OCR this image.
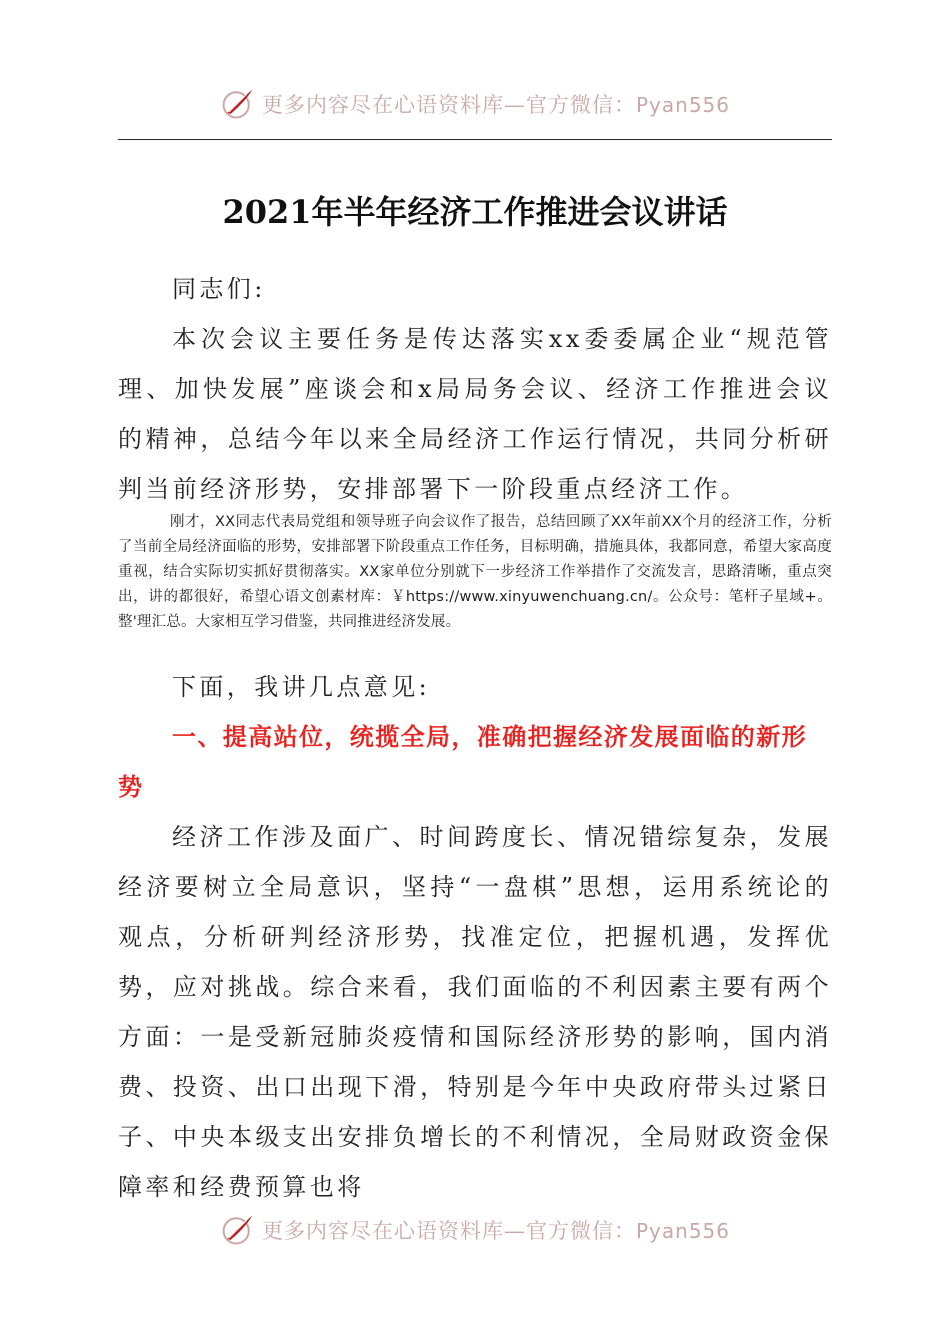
更多内容尽在心语资料库—官方微信：Pyan556
2021年半年经济工作推进会议讲话

同志们:

本次会议主要任务是传达落实xx委委属企业“规范管理、加快发展”座谈会和x局局务会议、经济工作推进会议的精神，总结今年以来全局经济工作运行情况，共同分析研判当前经济形势，安排部署下一阶段重点经济工作。

刚才，XX同志代表局党组和领导班子向会议作了报告，总结回顾了XX年前XX个月的经济工作，分析了当前全局经济面临的形势，安排部署下阶段重点工作任务，目标明确，措施具体，我都同意，希望大家高度重视，结合实际切实抓好贯彻落实。XX家单位分别就下一步经济工作举措作了交流发言，思路清晰，重点突出，讲的都很好，希望心语文创素材库：￥https://www.xinyuwenchuang.cn/。公众号：笔杆子星域+。整'理汇总。大家相互学习借鉴，共同推进经济发展。

下面，我讲几点意见:

一、提高站位，统揽全局，准确把握经济发展面临的新形势

经济工作涉及面广、时间跨度长、情况错综复杂，发展经济要树立全局意识，坚持“一盘棋”思想，运用系统论的观点，分析研判经济形势，找准定位，把握机遇，发挥优势，应对挑战。综合来看，我们面临的不利因素主要有两个方面：一是受新冠肺炎疫情和国际经济形势的影响，国内消费、投资、出口出现下滑，特别是今年中央政府带头过紧日子、中央本级支出安排负增长的不利情况，全局财政资金保障率和经费预算也将

更多内容尽在心语资料库—官方微信：Pyan556
